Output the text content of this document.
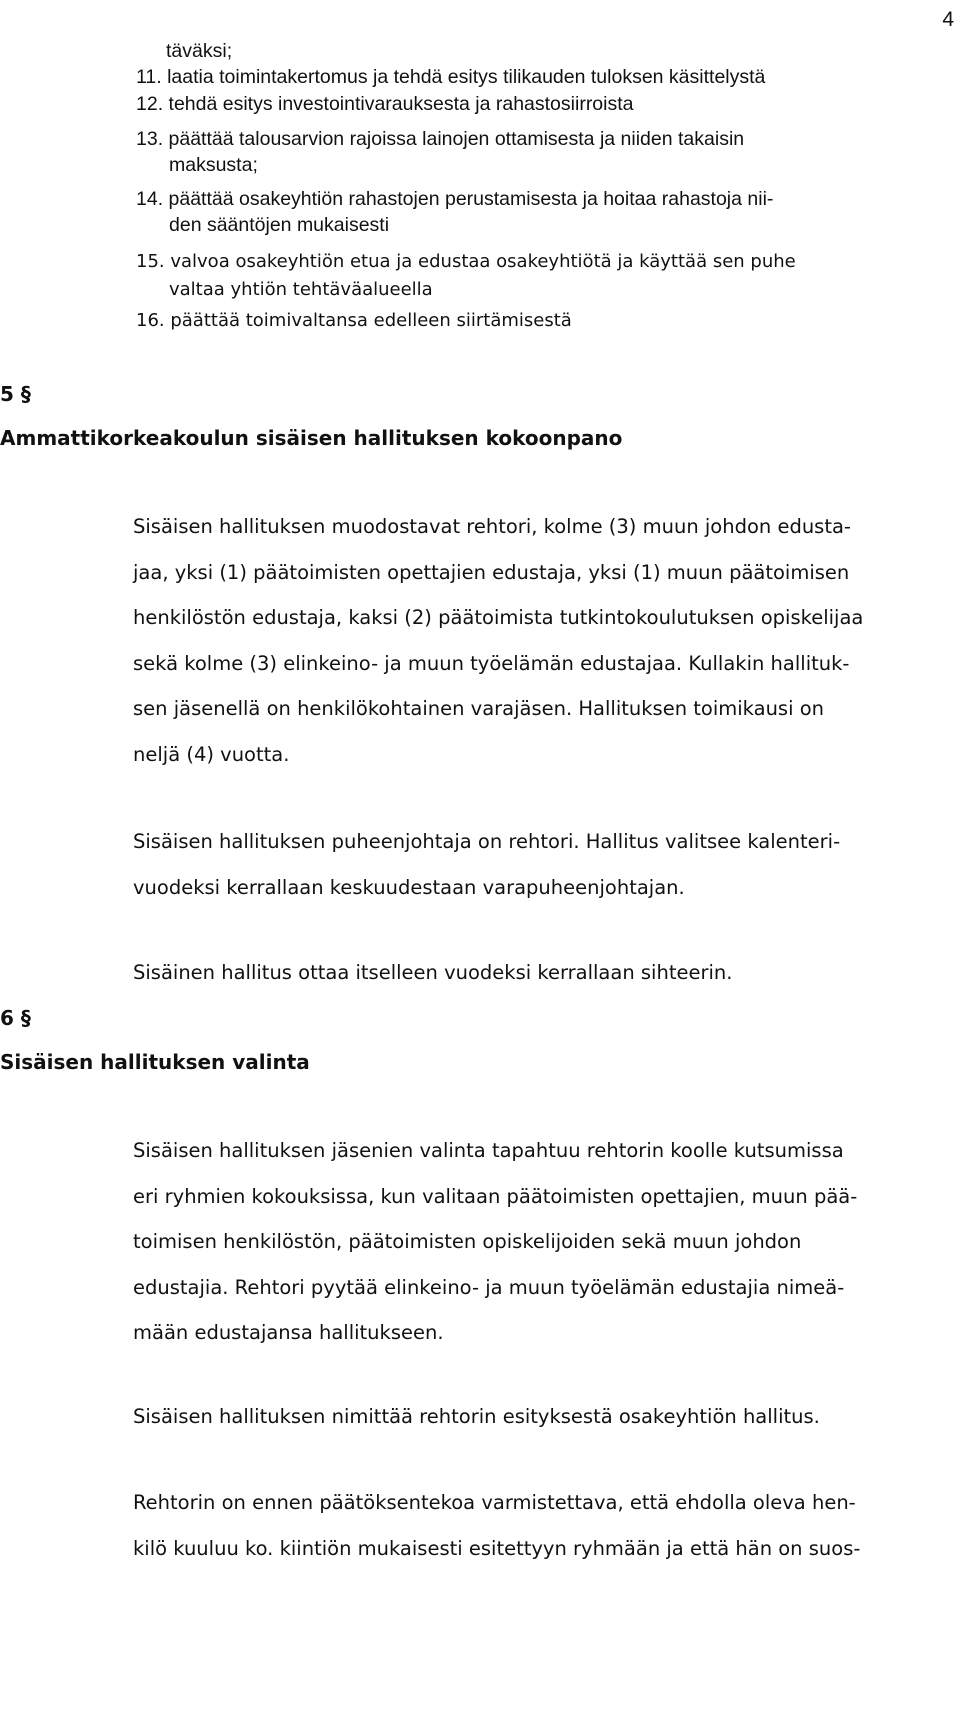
4
täväksi;
11. laatia toimintakertomus ja tehdä esitys tilikauden tuloksen käsittelystä
12. tehdä esitys investointivarauksesta ja rahastosiirroista
13. päättää talousarvion rajoissa lainojen ottamisesta ja niiden takaisin
maksusta;
14. päättää osakeyhtiön rahastojen perustamisesta ja hoitaa rahastoja nii-
den sääntöjen mukaisesti
15. valvoa osakeyhtiön etua ja edustaa osakeyhtiötä ja käyttää sen puhe
valtaa yhtiön tehtäväalueella
16. päättää toimivaltansa edelleen siirtämisestä
5 §
Ammattikorkeakoulun sisäisen hallituksen kokoonpano
Sisäisen hallituksen muodostavat rehtori, kolme (3) muun johdon edusta-
jaa, yksi (1) päätoimisten opettajien edustaja, yksi (1) muun päätoimisen
henkilöstön edustaja, kaksi (2) päätoimista tutkintokoulutuksen opiskelijaa
sekä kolme (3) elinkeino- ja muun työelämän edustajaa. Kullakin hallituk-
sen jäsenellä on henkilökohtainen varajäsen. Hallituksen toimikausi on
neljä (4) vuotta.
Sisäisen hallituksen puheenjohtaja on rehtori. Hallitus valitsee kalenteri-
vuodeksi kerrallaan keskuudestaan varapuheenjohtajan.
Sisäinen hallitus ottaa itselleen vuodeksi kerrallaan sihteerin.
6 §
Sisäisen hallituksen valinta
Sisäisen hallituksen jäsenien valinta tapahtuu rehtorin koolle kutsumissa
eri ryhmien kokouksissa, kun valitaan päätoimisten opettajien, muun pää-
toimisen henkilöstön, päätoimisten opiskelijoiden sekä muun johdon
edustajia. Rehtori pyytää elinkeino- ja muun työelämän edustajia nimeä-
mään edustajansa hallitukseen.
Sisäisen hallituksen nimittää rehtorin esityksestä osakeyhtiön hallitus.
Rehtorin on ennen päätöksentekoa varmistettava, että ehdolla oleva hen-
kilö kuuluu ko. kiintiön mukaisesti esitettyyn ryhmään ja että hän on suos-
